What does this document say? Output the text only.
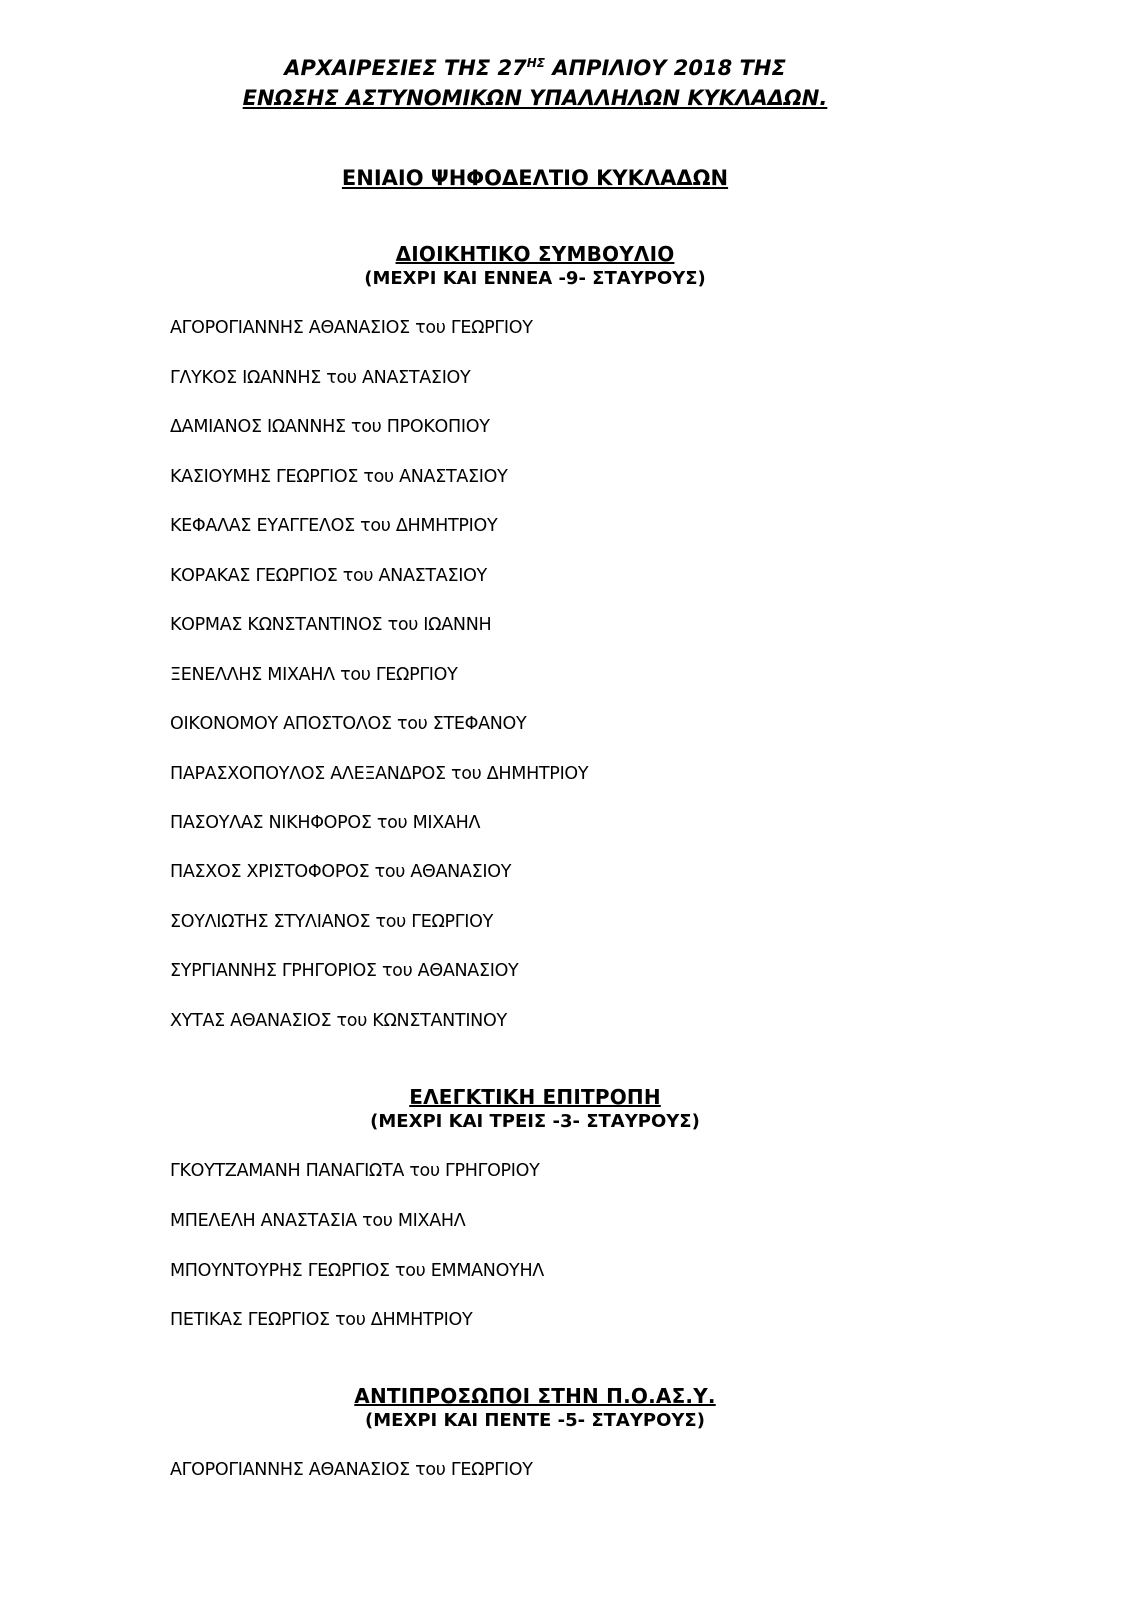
ΑΡΧΑΙΡΕΣΙΕΣ ΤΗΣ $27^{H\Sigma}$ ΑΠΡΙΛΙΟΥ 2018 ΤΗΣ
ΕΝΩΣΗΣ ΑΣΤΥΝΟΜΙΚΩΝ ΥΠΑΛΛΗΛΩΝ ΚΥΚΛΑΔΩΝ.
ΕΝΙΑΙΟ ΨΗΦΟΔΕΛΤΙΟ ΚΥΚΛΑΔΩΝ
ΔΙΟΙΚΗΤΙΚΟ ΣΥΜΒΟΥΛΙΟ
(ΜΕΧΡΙ ΚΑΙ ΕΝΝΕΑ -9- ΣΤΑΥΡΟΥΣ)
ΑΓΟΡΟΓΙΑΝΝΗΣ ΑΘΑΝΑΣΙΟΣ του ΓΕΩΡΓΙΟΥ
ΓΛΥΚΟΣ ΙΩΑΝΝΗΣ του ΑΝΑΣΤΑΣΙΟΥ
ΔΑΜΙΑΝΟΣ ΙΩΑΝΝΗΣ του ΠΡΟΚΟΠΙΟΥ
ΚΑΣΙΟΥΜΗΣ ΓΕΩΡΓΙΟΣ του ΑΝΑΣΤΑΣΙΟΥ
ΚΕΦΑΛΑΣ ΕΥΑΓΓΕΛΟΣ του ΔΗΜΗΤΡΙΟΥ
ΚΟΡΑΚΑΣ ΓΕΩΡΓΙΟΣ του ΑΝΑΣΤΑΣΙΟΥ
ΚΟΡΜΑΣ ΚΩΝΣΤΑΝΤΙΝΟΣ του ΙΩΑΝΝΗ
ΞΕΝΕΛΛΗΣ ΜΙΧΑΗΛ του ΓΕΩΡΓΙΟΥ
ΟΙΚΟΝΟΜΟΥ ΑΠΟΣΤΟΛΟΣ του ΣΤΕΦΑΝΟΥ
ΠΑΡΑΣΧΟΠΟΥΛΟΣ ΑΛΕΞΑΝΔΡΟΣ του ΔΗΜΗΤΡΙΟΥ
ΠΑΣΟΥΛΑΣ ΝΙΚΗΦΟΡΟΣ του ΜΙΧΑΗΛ
ΠΑΣΧΟΣ ΧΡΙΣΤΟΦΟΡΟΣ του ΑΘΑΝΑΣΙΟΥ
ΣΟΥΛΙΩΤΗΣ ΣΤΥΛΙΑΝΟΣ του ΓΕΩΡΓΙΟΥ
ΣΥΡΓΙΑΝΝΗΣ ΓΡΗΓΟΡΙΟΣ του ΑΘΑΝΑΣΙΟΥ
ΧΥΤΑΣ ΑΘΑΝΑΣΙΟΣ του ΚΩΝΣΤΑΝΤΙΝΟΥ
ΕΛΕΓΚΤΙΚΗ ΕΠΙΤΡΟΠΗ
(ΜΕΧΡΙ ΚΑΙ ΤΡΕΙΣ -3- ΣΤΑΥΡΟΥΣ)
ΓΚΟΥΤΖΑΜΑΝΗ ΠΑΝΑΓΙΩΤΑ του ΓΡΗΓΟΡΙΟΥ
ΜΠΕΛΕΛΗ ΑΝΑΣΤΑΣΙΑ του ΜΙΧΑΗΛ
ΜΠΟΥΝΤΟΥΡΗΣ ΓΕΩΡΓΙΟΣ του ΕΜΜΑΝΟΥΗΛ
ΠΕΤΙΚΑΣ ΓΕΩΡΓΙΟΣ του ΔΗΜΗΤΡΙΟΥ
ΑΝΤΙΠΡΟΣΩΠΟΙ ΣΤΗΝ Π.Ο.ΑΣ.Υ.
(ΜΕΧΡΙ ΚΑΙ ΠΕΝΤΕ -5- ΣΤΑΥΡΟΥΣ)
ΑΓΟΡΟΓΙΑΝΝΗΣ ΑΘΑΝΑΣΙΟΣ του ΓΕΩΡΓΙΟΥ
